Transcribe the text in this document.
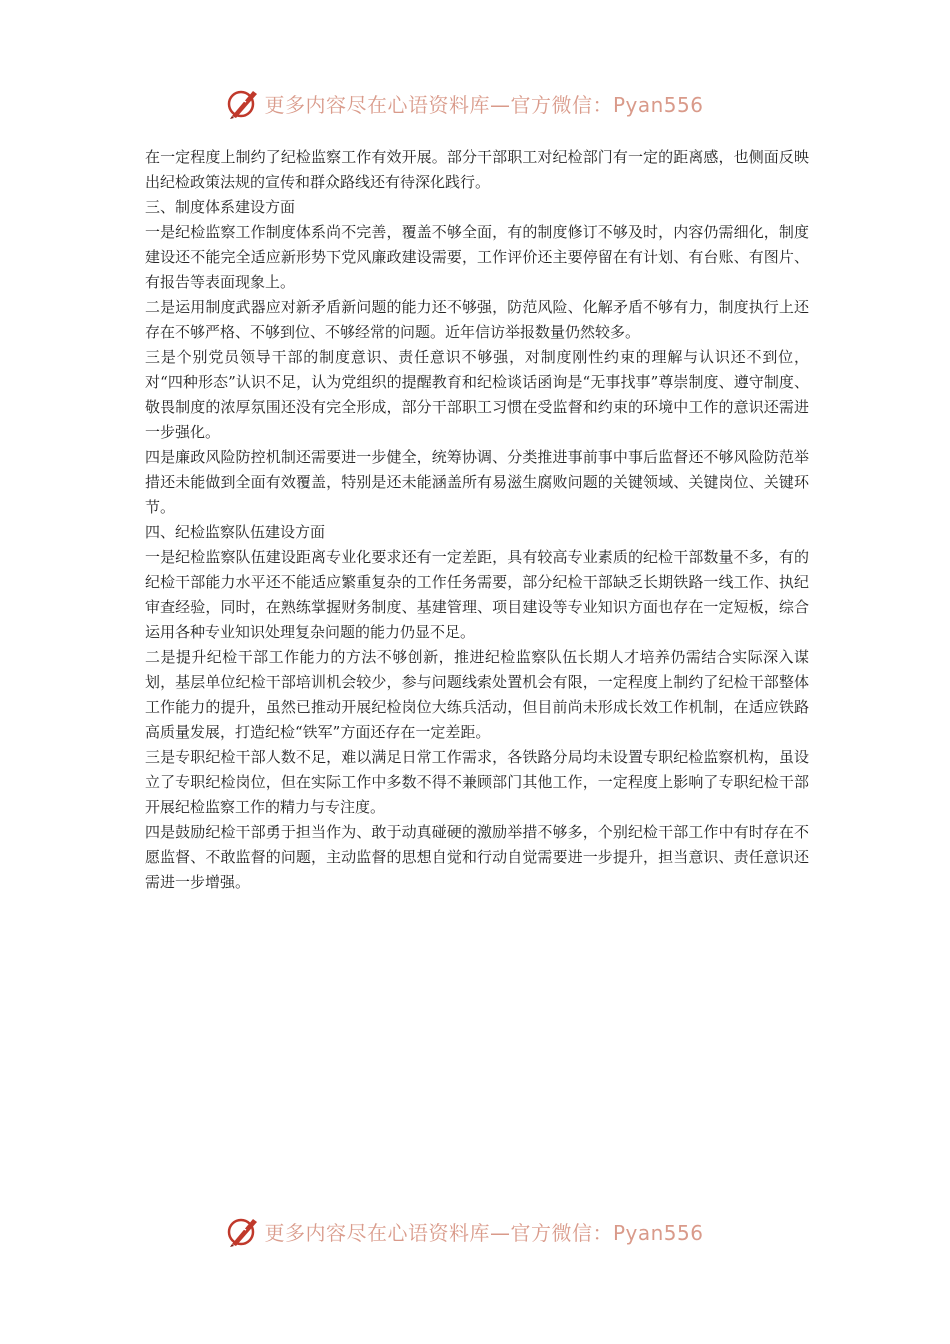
更多内容尽在心语资料库—官方微信：Pyan556

在一定程度上制约了纪检监察工作有效开展。部分干部职工对纪检部门有一定的距离感，也侧面反映出纪检政策法规的宣传和群众路线还有待深化践行。

三、制度体系建设方面

一是纪检监察工作制度体系尚不完善，覆盖不够全面，有的制度修订不够及时，内容仍需细化，制度建设还不能完全适应新形势下党风廉政建设需要，工作评价还主要停留在有计划、有台账、有图片、有报告等表面现象上。

二是运用制度武器应对新矛盾新问题的能力还不够强，防范风险、化解矛盾不够有力，制度执行上还存在不够严格、不够到位、不够经常的问题。近年信访举报数量仍然较多。

三是个别党员领导干部的制度意识、责任意识不够强，对制度刚性约束的理解与认识还不到位，对“四种形态”认识不足，认为党组织的提醒教育和纪检谈话函询是“无事找事”尊崇制度、遵守制度、敬畏制度的浓厚氛围还没有完全形成，部分干部职工习惯在受监督和约束的环境中工作的意识还需进一步强化。

四是廉政风险防控机制还需要进一步健全，统筹协调、分类推进事前事中事后监督还不够风险防范举措还未能做到全面有效覆盖，特别是还未能涵盖所有易滋生腐败问题的关键领域、关键岗位、关键环节。

四、纪检监察队伍建设方面

一是纪检监察队伍建设距离专业化要求还有一定差距，具有较高专业素质的纪检干部数量不多，有的纪检干部能力水平还不能适应繁重复杂的工作任务需要，部分纪检干部缺乏长期铁路一线工作、执纪审查经验，同时，在熟练掌握财务制度、基建管理、项目建设等专业知识方面也存在一定短板，综合运用各种专业知识处理复杂问题的能力仍显不足。

二是提升纪检干部工作能力的方法不够创新，推进纪检监察队伍长期人才培养仍需结合实际深入谋划，基层单位纪检干部培训机会较少，参与问题线索处置机会有限，一定程度上制约了纪检干部整体工作能力的提升，虽然已推动开展纪检岗位大练兵活动，但目前尚未形成长效工作机制，在适应铁路高质量发展，打造纪检“铁军”方面还存在一定差距。

三是专职纪检干部人数不足，难以满足日常工作需求，各铁路分局均未设置专职纪检监察机构，虽设立了专职纪检岗位，但在实际工作中多数不得不兼顾部门其他工作，一定程度上影响了专职纪检干部开展纪检监察工作的精力与专注度。

四是鼓励纪检干部勇于担当作为、敢于动真碰硬的激励举措不够多，个别纪检干部工作中有时存在不愿监督、不敢监督的问题，主动监督的思想自觉和行动自觉需要进一步提升，担当意识、责任意识还需进一步增强。

更多内容尽在心语资料库—官方微信：Pyan556
